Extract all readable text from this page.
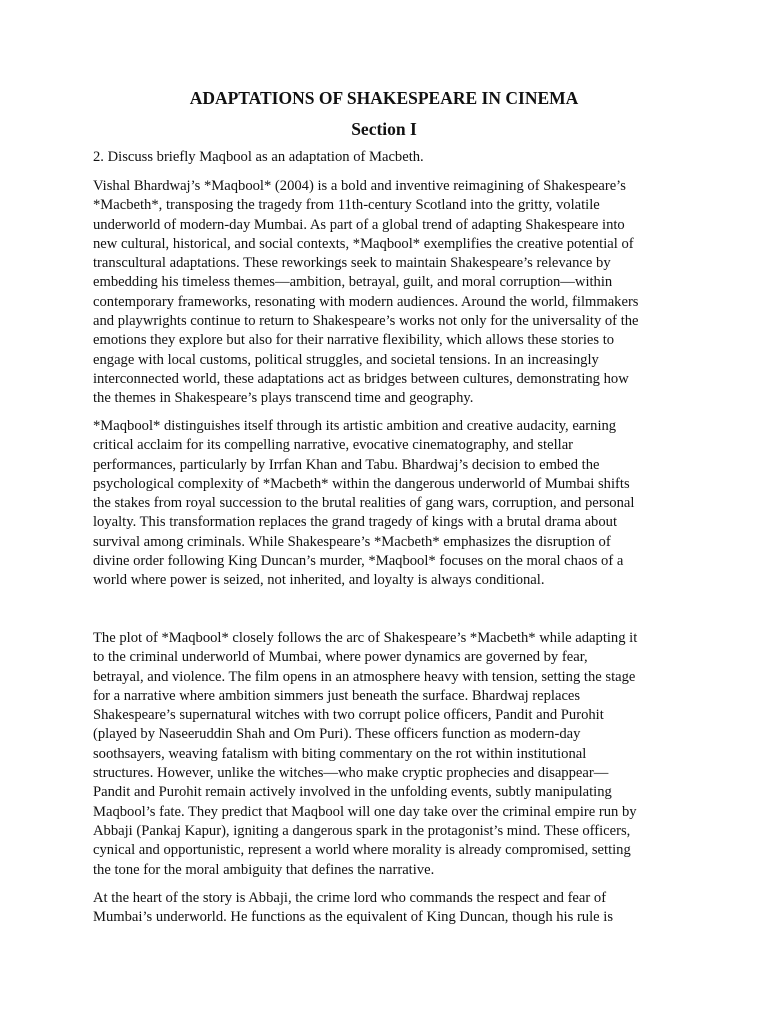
ADAPTATIONS OF SHAKESPEARE IN CINEMA
Section I

2. Discuss briefly Maqbool as an adaptation of Macbeth.

Vishal Bhardwaj’s *Maqbool* (2004) is a bold and inventive reimagining of Shakespeare’s
*Macbeth*, transposing the tragedy from 11th-century Scotland into the gritty, volatile
underworld of modern-day Mumbai. As part of a global trend of adapting Shakespeare into
new cultural, historical, and social contexts, *Maqbool* exemplifies the creative potential of
transcultural adaptations. These reworkings seek to maintain Shakespeare’s relevance by
embedding his timeless themes—ambition, betrayal, guilt, and moral corruption—within
contemporary frameworks, resonating with modern audiences. Around the world, filmmakers
and playwrights continue to return to Shakespeare’s works not only for the universality of the
emotions they explore but also for their narrative flexibility, which allows these stories to
engage with local customs, political struggles, and societal tensions. In an increasingly
interconnected world, these adaptations act as bridges between cultures, demonstrating how
the themes in Shakespeare’s plays transcend time and geography.

*Maqbool* distinguishes itself through its artistic ambition and creative audacity, earning
critical acclaim for its compelling narrative, evocative cinematography, and stellar
performances, particularly by Irrfan Khan and Tabu. Bhardwaj’s decision to embed the
psychological complexity of *Macbeth* within the dangerous underworld of Mumbai shifts
the stakes from royal succession to the brutal realities of gang wars, corruption, and personal
loyalty. This transformation replaces the grand tragedy of kings with a brutal drama about
survival among criminals. While Shakespeare’s *Macbeth* emphasizes the disruption of
divine order following King Duncan’s murder, *Maqbool* focuses on the moral chaos of a
world where power is seized, not inherited, and loyalty is always conditional.

The plot of *Maqbool* closely follows the arc of Shakespeare’s *Macbeth* while adapting it
to the criminal underworld of Mumbai, where power dynamics are governed by fear,
betrayal, and violence. The film opens in an atmosphere heavy with tension, setting the stage
for a narrative where ambition simmers just beneath the surface. Bhardwaj replaces
Shakespeare’s supernatural witches with two corrupt police officers, Pandit and Purohit
(played by Naseeruddin Shah and Om Puri). These officers function as modern-day
soothsayers, weaving fatalism with biting commentary on the rot within institutional
structures. However, unlike the witches—who make cryptic prophecies and disappear—
Pandit and Purohit remain actively involved in the unfolding events, subtly manipulating
Maqbool’s fate. They predict that Maqbool will one day take over the criminal empire run by
Abbaji (Pankaj Kapur), igniting a dangerous spark in the protagonist’s mind. These officers,
cynical and opportunistic, represent a world where morality is already compromised, setting
the tone for the moral ambiguity that defines the narrative.

At the heart of the story is Abbaji, the crime lord who commands the respect and fear of
Mumbai’s underworld. He functions as the equivalent of King Duncan, though his rule is
